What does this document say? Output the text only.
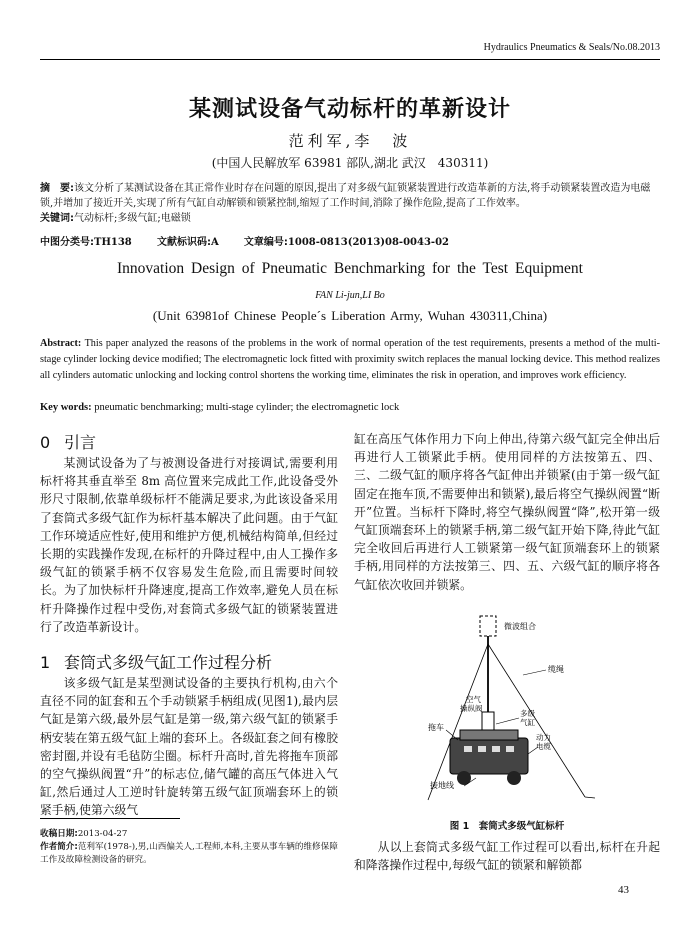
Hydraulics Pneumatics & Seals/No.08.2013
某测试设备气动标杆的革新设计
范利军,李　波
(中国人民解放军 63981 部队,湖北 武汉　430311)
摘　要:该文分析了某测试设备在其正常作业时存在问题的原因,提出了对多级气缸锁紧装置进行改造革新的方法,将手动锁紧装置改造为电磁锁,并增加了接近开关,实现了所有气缸自动解锁和锁紧控制,缩短了工作时间,消除了操作危险,提高了工作效率。
关键词:气动标杆;多级气缸;电磁锁
中图分类号:TH138	文献标识码:A	文章编号:1008-0813(2013)08-0043-02
Innovation Design of Pneumatic Benchmarking for the Test Equipment
FAN Li-jun,LI Bo
(Unit 63981of Chinese People´s Liberation Army, Wuhan 430311,China)
Abstract: This paper analyzed the reasons of the problems in the work of normal operation of the test requirements, presents a method of the multi-stage cylinder locking device modified; The electromagnetic lock fitted with proximity switch replaces the manual locking device. This method realizes all cylinders automatic unlocking and locking control shortens the working time, eliminates the risk in operation, and improves work efficiency.
Key words: pneumatic benchmarking; multi-stage cylinder; the electromagnetic lock
0 引言
某测试设备为了与被测设备进行对接调试,需要利用标杆将其垂直举至 8m 高位置来完成此工作,此设备受外形尺寸限制,依靠单级标杆不能满足要求,为此该设备采用了套筒式多级气缸作为标杆基本解决了此问题。由于气缸工作环境适应性好,使用和维护方便,机械结构简单,但经过长期的实践操作发现,在标杆的升降过程中,由人工操作多级气缸的锁紧手柄不仅容易发生危险,而且需要时间较长。为了加快标杆升降速度,提高工作效率,避免人员在标杆升降操作过程中受伤,对套筒式多级气缸的锁紧装置进行了改造革新设计。
1 套筒式多级气缸工作过程分析
该多级气缸是某型测试设备的主要执行机构,由六个直径不同的缸套和五个手动锁紧手柄组成(见图1),最内层气缸是第六级,最外层气缸是第一级,第六级气缸的锁紧手柄安装在第五级气缸上端的套环上。各级缸套之间有橡胶密封圈,并设有毛毡防尘圈。标杆升高时,首先将拖车顶部的空气操纵阀置“升”的标志位,储气罐的高压气体进入气缸,然后通过人工逆时针旋转第五级气缸顶端套环上的锁紧手柄,使第六级气
收稿日期:2013-04-27
作者简介:范利军(1978-),男,山西偏关人,工程师,本科,主要从事车辆的维修保障工作及故障检测设备的研究。
缸在高压气体作用力下向上伸出,待第六级气缸完全伸出后再进行人工锁紧此手柄。使用同样的方法按第五、四、三、二级气缸的顺序将各气缸伸出并锁紧(由于第一级气缸固定在拖车顶,不需要伸出和锁紧),最后将空气操纵阀置“断开”位置。当标杆下降时,将空气操纵阀置“降”,松开第一级气缸顶端套环上的锁紧手柄,第二级气缸开始下降,待此气缸完全收回后再进行人工锁紧第一级气缸顶端套环上的锁紧手柄,用同样的方法按第三、四、五、六级气缸的顺序将各气缸依次收回并锁紧。
微波组合
缆绳
拖车
空气 操纵阀
多级 气缸
动力 电缆
接地线
图 1　套筒式多级气缸标杆
从以上套筒式多级气缸工作过程可以看出,标杆在升起和降落操作过程中,每级气缸的锁紧和解锁都
43
